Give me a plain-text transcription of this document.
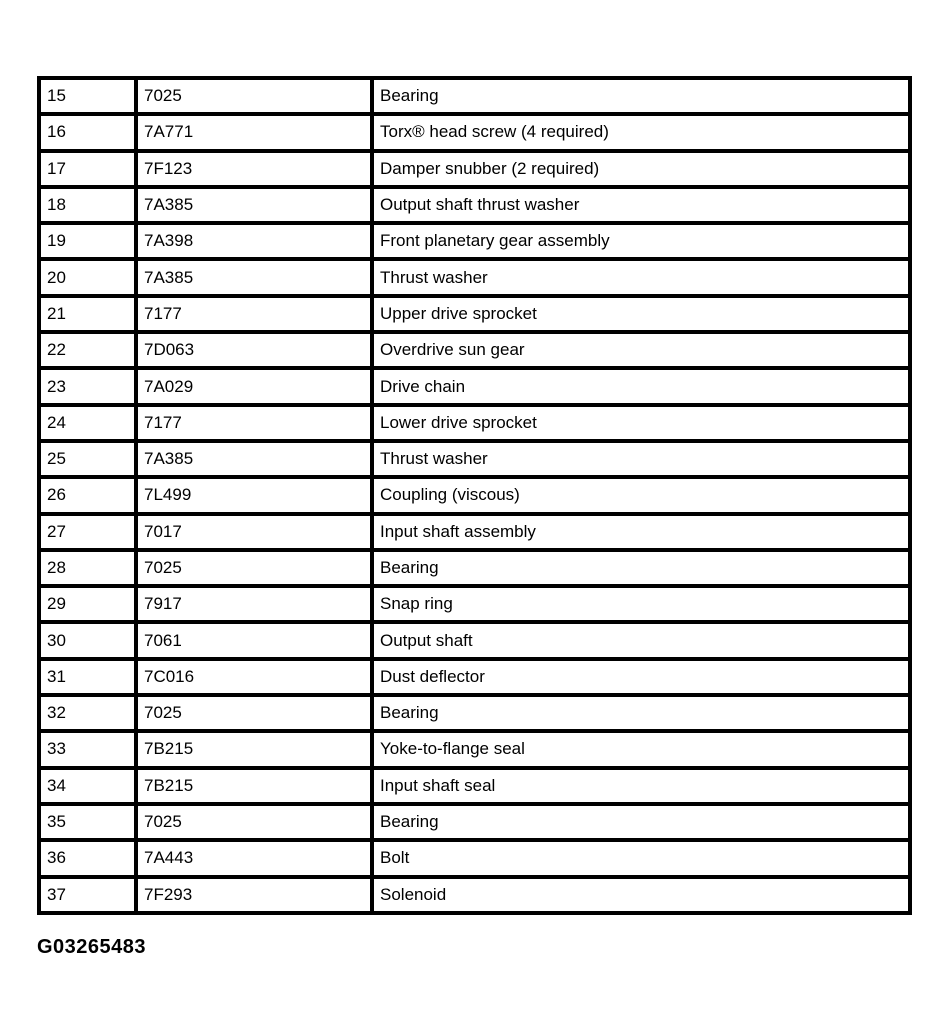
15	7025	Bearing
16	7A771	Torx® head screw (4 required)
17	7F123	Damper snubber (2 required)
18	7A385	Output shaft thrust washer
19	7A398	Front planetary gear assembly
20	7A385	Thrust washer
21	7177	Upper drive sprocket
22	7D063	Overdrive sun gear
23	7A029	Drive chain
24	7177	Lower drive sprocket
25	7A385	Thrust washer
26	7L499	Coupling (viscous)
27	7017	Input shaft assembly
28	7025	Bearing
29	7917	Snap ring
30	7061	Output shaft
31	7C016	Dust deflector
32	7025	Bearing
33	7B215	Yoke-to-flange seal
34	7B215	Input shaft seal
35	7025	Bearing
36	7A443	Bolt
37	7F293	Solenoid
G03265483
